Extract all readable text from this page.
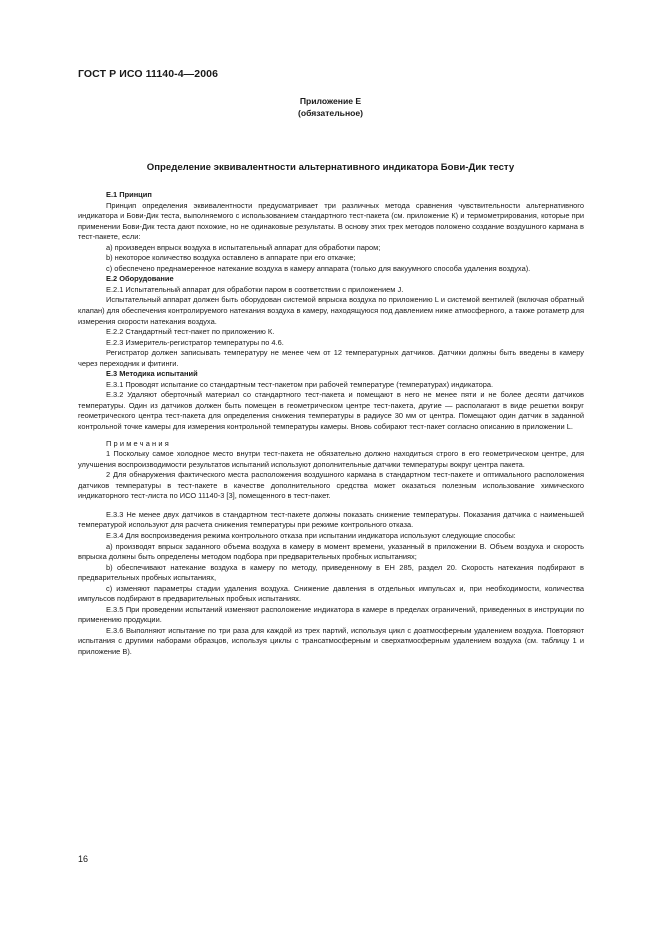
ГОСТ Р ИСО 11140-4—2006
Приложение Е
(обязательное)
Определение эквивалентности альтернативного индикатора Бови-Дик тесту

Е.1 Принцип

Принцип определения эквивалентности предусматривает три различных метода сравнения чувствительности альтернативного индикатора и Бови-Дик теста, выполняемого с использованием стандартного тест-пакета (см. приложение К) и термометрирования, которые при применении Бови-Дик теста дают похожие, но не одинаковые результаты. В основу этих трех методов положено создание воздушного кармана в тест-пакете, если:

a) произведен впрыск воздуха в испытательный аппарат для обработки паром;

b) некоторое количество воздуха оставлено в аппарате при его откачке;

c) обеспечено преднамеренное натекание воздуха в камеру аппарата (только для вакуумного способа удаления воздуха).

Е.2 Оборудование

Е.2.1 Испытательный аппарат для обработки паром в соответствии с приложением J.

Испытательный аппарат должен быть оборудован системой впрыска воздуха по приложению L и системой вентилей (включая обратный клапан) для обеспечения контролируемого натекания воздуха в камеру, находящуюся под давлением ниже атмосферного, а также ротаметр для измерения скорости натекания воздуха.

Е.2.2 Стандартный тест-пакет по приложению К.

Е.2.3 Измеритель-регистратор температуры по 4.6.

Регистратор должен записывать температуру не менее чем от 12 температурных датчиков. Датчики должны быть введены в камеру через переходник и фитинги.

Е.3 Методика испытаний

Е.3.1 Проводят испытание со стандартным тест-пакетом при рабочей температуре (температурах) индикатора.

Е.3.2 Удаляют оберточный материал со стандартного тест-пакета и помещают в него не менее пяти и не более десяти датчиков температуры. Один из датчиков должен быть помещен в геометрическом центре тест-пакета, другие — располагают в виде решетки вокруг геометрического центра тест-пакета для определения снижения температуры в радиусе 30 мм от центра. Помещают один датчик в заданной контрольной точке камеры для измерения контрольной температуры камеры. Вновь собирают тест-пакет согласно описанию в приложении L.

Примечания

1 Поскольку самое холодное место внутри тест-пакета не обязательно должно находиться строго в его геометрическом центре, для улучшения воспроизводимости результатов испытаний используют дополнительные датчики температуры вокруг центра пакета.

2 Для обнаружения фактического места расположения воздушного кармана в стандартном тест-пакете и оптимального расположения датчиков температуры в тест-пакете в качестве дополнительного средства может оказаться полезным использование химического индикаторного тест-листа по ИСО 11140-3 [3], помещенного в тест-пакет.

Е.3.3 Не менее двух датчиков в стандартном тест-пакете должны показать снижение температуры. Показания датчика с наименьшей температурой используют для расчета снижения температуры при режиме контрольного отказа.

Е.3.4 Для воспроизведения режима контрольного отказа при испытании индикатора используют следующие способы:

a) производят впрыск заданного объема воздуха в камеру в момент времени, указанный в приложении В. Объем воздуха и скорость впрыска должны быть определены методом подбора при предварительных пробных испытаниях;

b) обеспечивают натекание воздуха в камеру по методу, приведенному в ЕН 285, раздел 20. Скорость натекания подбирают в предварительных пробных испытаниях,

c) изменяют параметры стадии удаления воздуха. Снижение давления в отдельных импульсах и, при необходимости, количества импульсов подбирают в предварительных пробных испытаниях.

Е.3.5 При проведении испытаний изменяют расположение индикатора в камере в пределах ограничений, приведенных в инструкции по применению продукции.

Е.3.6 Выполняют испытание по три раза для каждой из трех партий, используя цикл с доатмосферным удалением воздуха. Повторяют испытания с другими наборами образцов, используя циклы с трансатмосферным и сверхатмосферным удалением воздуха (см. таблицу 1 и приложение В).

16
